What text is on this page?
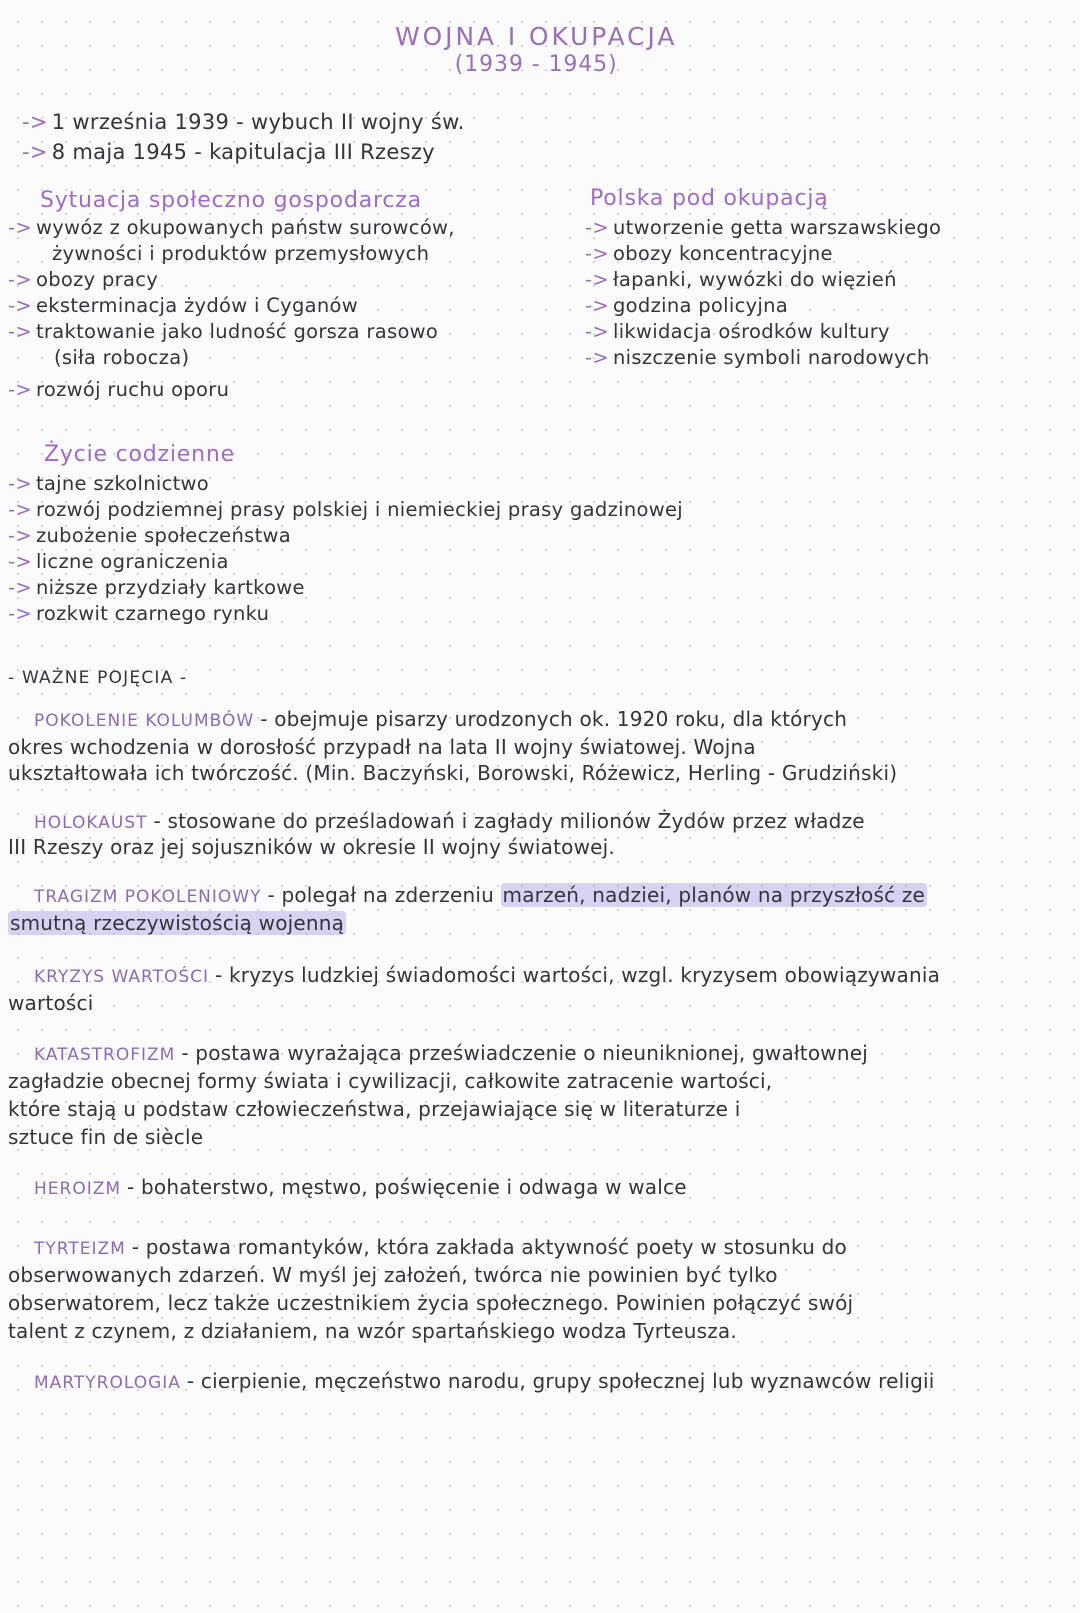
WOJNA I OKUPACJA
(1939 - 1945)
-> 1 września 1939 - wybuch II wojny św.
-> 8 maja 1945 - kapitulacja III Rzeszy
Sytuacja społeczno gospodarcza
-> wywóz z okupowanych państw surowców,
żywności i produktów przemysłowych
-> obozy pracy
-> eksterminacja żydów i Cyganów
-> traktowanie jako ludność gorsza rasowo
(siła robocza)
-> rozwój ruchu oporu
Polska pod okupacją
-> utworzenie getta warszawskiego
-> obozy koncentracyjne
-> łapanki, wywózki do więzień
-> godzina policyjna
-> likwidacja ośrodków kultury
-> niszczenie symboli narodowych
Życie codzienne
-> tajne szkolnictwo
-> rozwój podziemnej prasy polskiej i niemieckiej prasy gadzinowej
-> zubożenie społeczeństwa
-> liczne ograniczenia
-> niższe przydziały kartkowe
-> rozkwit czarnego rynku
- WAŻNE POJĘCIA -
POKOLENIE KOLUMBÓW - obejmuje pisarzy urodzonych ok. 1920 roku, dla których
okres wchodzenia w dorosłość przypadł na lata II wojny światowej. Wojna
ukształtowała ich twórczość. (Min. Baczyński, Borowski, Różewicz, Herling - Grudziński)
HOLOKAUST - stosowane do prześladowań i zagłady milionów Żydów przez władze
III Rzeszy oraz jej sojuszników w okresie II wojny światowej.
TRAGIZM POKOLENIOWY - polegał na zderzeniu marzeń, nadziei, planów na przyszłość ze
smutną rzeczywistością wojenną
KRYZYS WARTOŚCI - kryzys ludzkiej świadomości wartości, wzgl. kryzysem obowiązywania
wartości
KATASTROFIZM - postawa wyrażająca przeświadczenie o nieuniknionej, gwałtownej
zagładzie obecnej formy świata i cywilizacji, całkowite zatracenie wartości,
które stają u podstaw człowieczeństwa, przejawiające się w literaturze i
sztuce fin de siècle
HEROIZM - bohaterstwo, męstwo, poświęcenie i odwaga w walce
TYRTEIZM - postawa romantyków, która zakłada aktywność poety w stosunku do
obserwowanych zdarzeń. W myśl jej założeń, twórca nie powinien być tylko
obserwatorem, lecz także uczestnikiem życia społecznego. Powinien połączyć swój
talent z czynem, z działaniem, na wzór spartańskiego wodza Tyrteusza.
MARTYROLOGIA - cierpienie, męczeństwo narodu, grupy społecznej lub wyznawców religii
